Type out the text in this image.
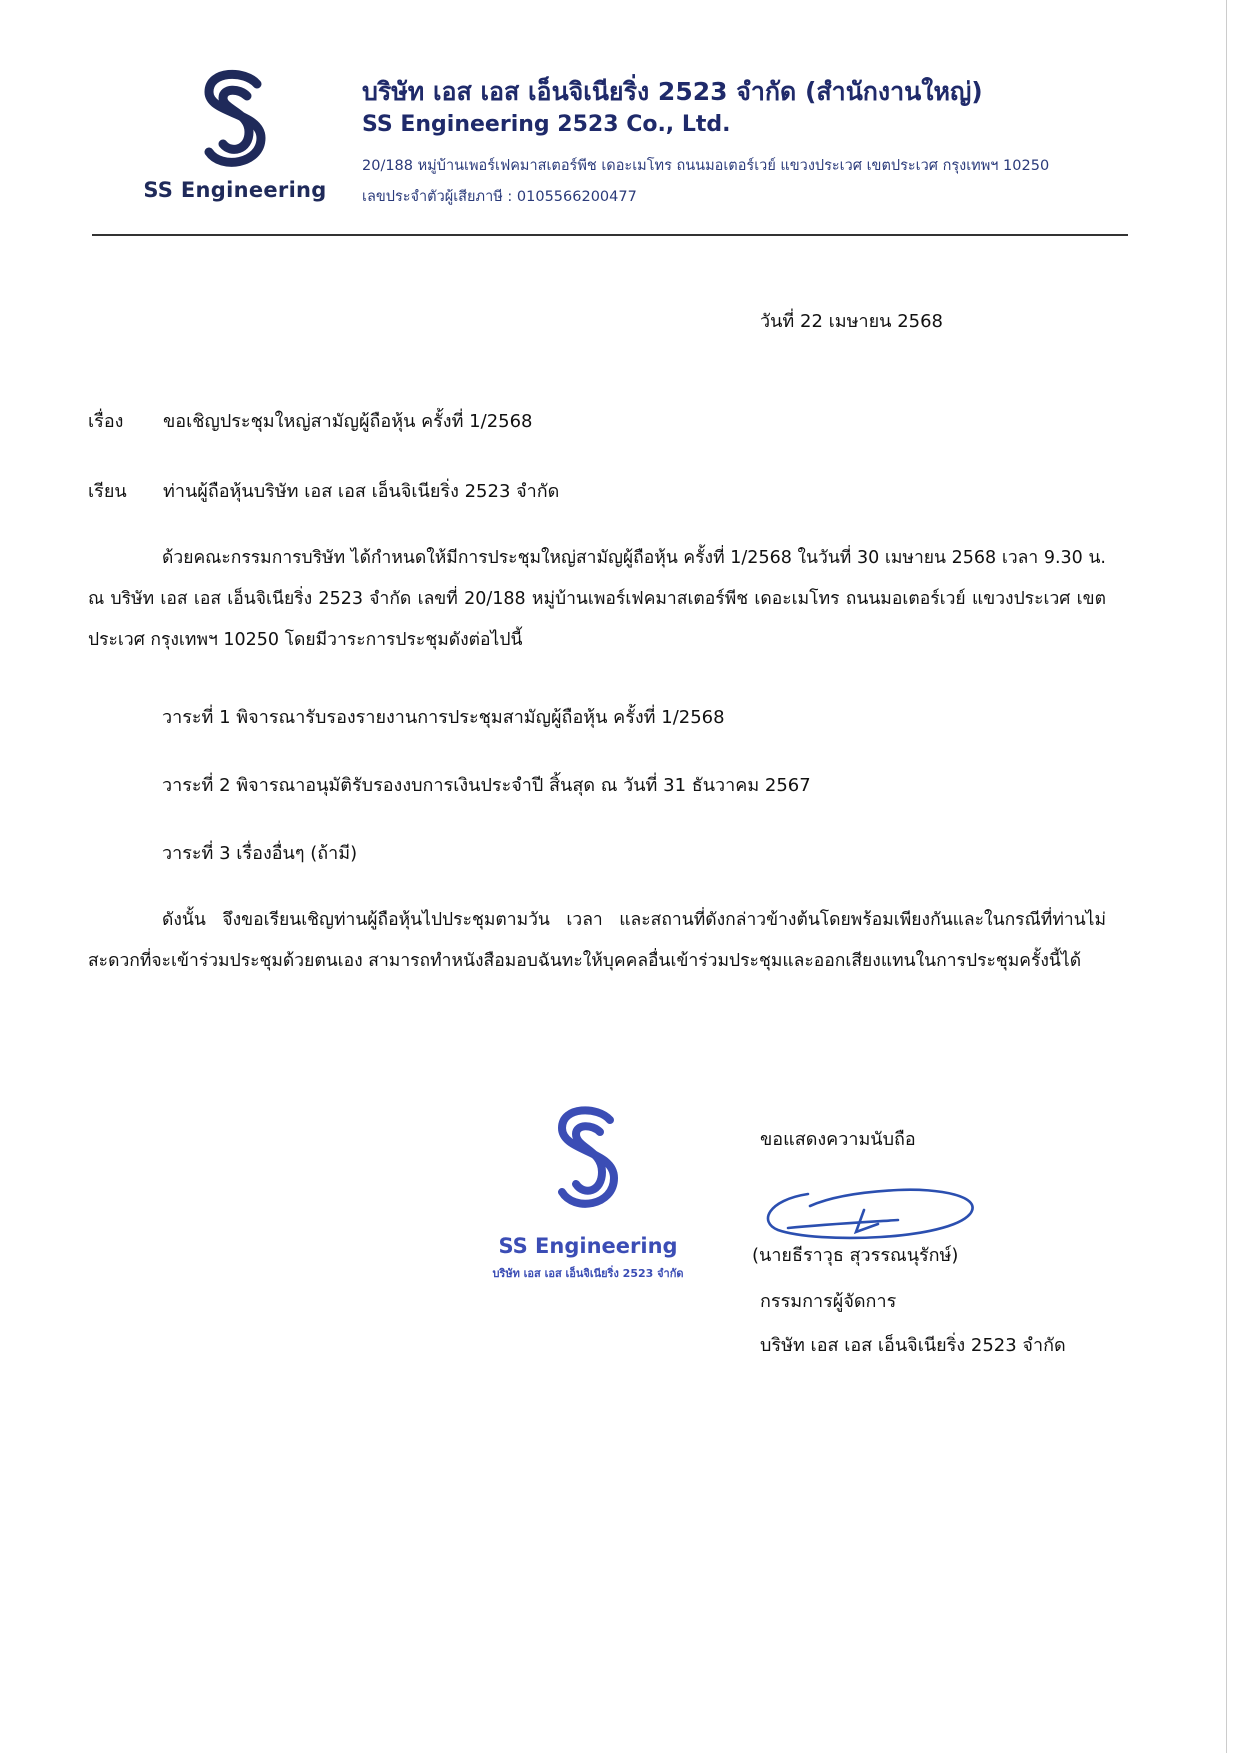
SS Engineering
บริษัท เอส เอส เอ็นจิเนียริ่ง 2523 จำกัด (สำนักงานใหญ่)
SS Engineering 2523 Co., Ltd.
20/188 หมู่บ้านเพอร์เฟคมาสเตอร์พีช เดอะเมโทร ถนนมอเตอร์เวย์ แขวงประเวศ เขตประเวศ กรุงเทพฯ 10250
เลขประจำตัวผู้เสียภาษี : 0105566200477
วันที่ 22 เมษายน 2568
เรื่อง ขอเชิญประชุมใหญ่สามัญผู้ถือหุ้น ครั้งที่ 1/2568
เรียน ท่านผู้ถือหุ้นบริษัท เอส เอส เอ็นจิเนียริ่ง 2523 จำกัด
ด้วยคณะกรรมการบริษัท ได้กำหนดให้มีการประชุมใหญ่สามัญผู้ถือหุ้น ครั้งที่ 1/2568 ในวันที่ 30 เมษายน 2568 เวลา 9.30 น. ณ บริษัท เอส เอส เอ็นจิเนียริ่ง 2523 จำกัด เลขที่ 20/188 หมู่บ้านเพอร์เฟคมาสเตอร์พีช เดอะเมโทร ถนนมอเตอร์เวย์ แขวงประเวศ เขตประเวศ กรุงเทพฯ 10250 โดยมีวาระการประชุมดังต่อไปนี้
วาระที่ 1 พิจารณารับรองรายงานการประชุมสามัญผู้ถือหุ้น ครั้งที่ 1/2568
วาระที่ 2 พิจารณาอนุมัติรับรองงบการเงินประจำปี สิ้นสุด ณ วันที่ 31 ธันวาคม 2567
วาระที่ 3 เรื่องอื่นๆ (ถ้ามี)
ดังนั้น จึงขอเรียนเชิญท่านผู้ถือหุ้นไปประชุมตามวัน เวลา และสถานที่ดังกล่าวข้างต้นโดยพร้อมเพียงกันและในกรณีที่ท่านไม่สะดวกที่จะเข้าร่วมประชุมด้วยตนเอง สามารถทำหนังสือมอบฉันทะให้บุคคลอื่นเข้าร่วมประชุมและออกเสียงแทนในการประชุมครั้งนี้ได้
SS Engineering
บริษัท เอส เอส เอ็นจิเนียริ่ง 2523 จำกัด
ขอแสดงความนับถือ
(นายธีราวุธ สุวรรณนุรักษ์)
กรรมการผู้จัดการ
บริษัท เอส เอส เอ็นจิเนียริ่ง 2523 จำกัด
